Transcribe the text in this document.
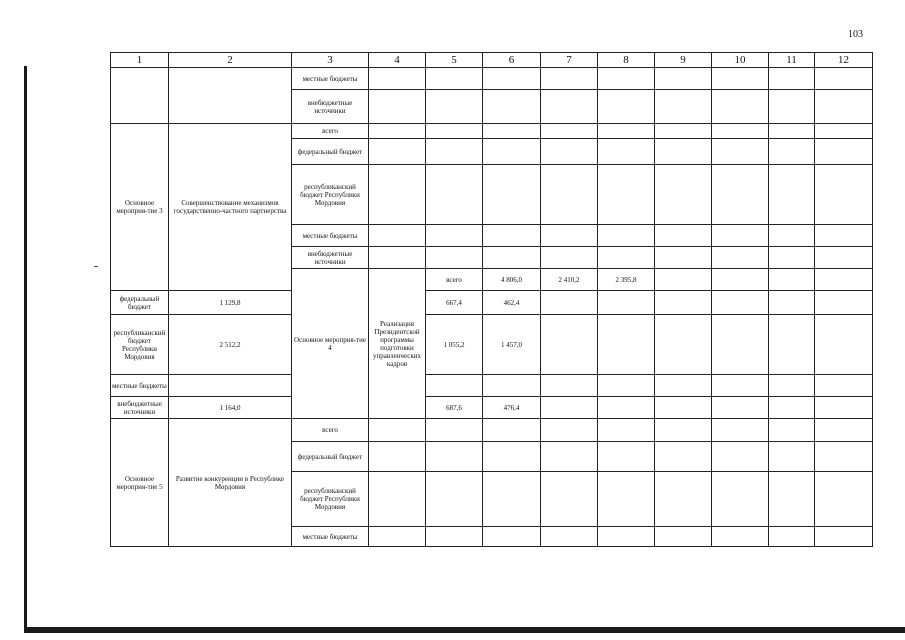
103
1	2	3	4	5	6	7	8	9	10	11	12	
		местные бюджеты										
		внебюджетные источники										
Основное мероприя-тие 3	Совершенствование механизмов государственно-частного партнерства	всего										
		федеральный бюджет										
		республиканский бюджет Республики Мордовия										
		местные бюджеты										
		внебюджетные источники										
		Основное мероприя-тие 4	Реализация Президентской программы подготовки управленческих кадров	всего	4 806,0	2 410,2	2 395,8						
федеральный бюджет	1 129,8			667,4	462,4							
республиканский бюджет Республики Мордовия	2 512,2			1 055,2	1 457,0							
местные бюджеты												
внебюджетные источники	1 164,0			687,6	476,4							
Основное мероприя-тие 5	Развитие конкуренции в Республике Мордовия	всего										
		федеральный бюджет										
		республиканский бюджет Республики Мордовия										
		местные бюджеты										
